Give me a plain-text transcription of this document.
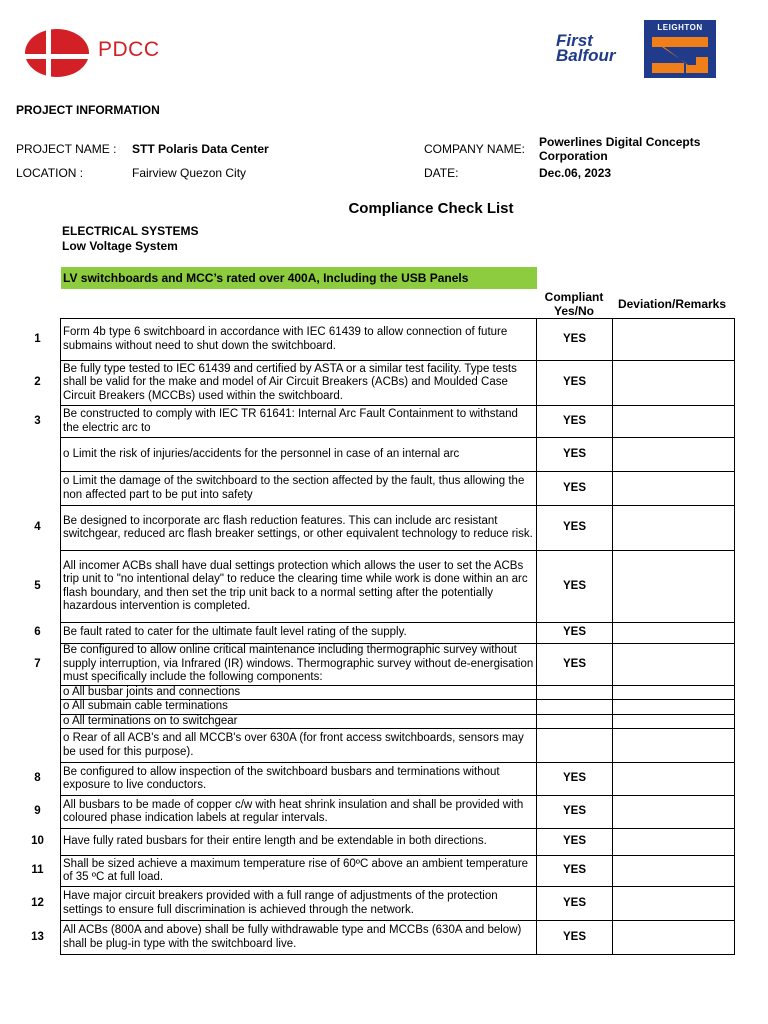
PDCC	First
Balfour
LEIGHTON
PROJECT INFORMATION
PROJECT NAME : STT Polaris Data Center
LOCATION :	Fairview Quezon City
COMPANY NAME: Powerlines Digital Concepts
Corporation
DATE:	Dec.06, 2023
Compliance Check List
ELECTRICAL SYSTEMS
Low Voltage System
LV switchboards and MCC’s rated over 400A, Including the USB Panels
Compliant
Yes/No	Deviation/Remarks
1	Form 4b type 6 switchboard in accordance with IEC 61439 to allow connection of future submains without need to shut down the switchboard.	YES	
2	Be fully type tested to IEC 61439 and certified by ASTA or a similar test facility. Type tests shall be valid for the make and model of Air Circuit Breakers (ACBs) and Moulded Case Circuit Breakers (MCCBs) used within the switchboard.	YES	
3	Be constructed to comply with IEC TR 61641: Internal Arc Fault Containment to withstand the electric arc to	YES	
	o Limit the risk of injuries/accidents for the personnel in case of an internal arc	YES	
	o Limit the damage of the switchboard to the section affected by the fault, thus allowing the non affected part to be put into safety	YES	
4	Be designed to incorporate arc flash reduction features. This can include arc resistant switchgear, reduced arc flash breaker settings, or other equivalent technology to reduce risk.	YES	
5	All incomer ACBs shall have dual settings protection which allows the user to set the ACBs trip unit to "no intentional delay" to reduce the clearing time while work is done within an arc flash boundary, and then set the trip unit back to a normal setting after the potentially hazardous intervention is completed.	YES	
6	Be fault rated to cater for the ultimate fault level rating of the supply.	YES	
7	Be configured to allow online critical maintenance including thermographic survey without supply interruption, via Infrared (IR) windows. Thermographic survey without de-energisation must specifically include the following components:	YES	
	o All busbar joints and connections		
	o All submain cable terminations		
	o All terminations on to switchgear		
	o Rear of all ACB's and all MCCB's over 630A (for front access switchboards, sensors may be used for this purpose).		
8	Be configured to allow inspection of the switchboard busbars and terminations without exposure to live conductors.	YES	
9	All busbars to be made of copper c/w with heat shrink insulation and shall be provided with coloured phase indication labels at regular intervals.	YES	
10	Have fully rated busbars for their entire length and be extendable in both directions.	YES	
11	Shall be sized achieve a maximum temperature rise of 60ºC above an ambient temperature of 35 ºC at full load.	YES	
12	Have major circuit breakers provided with a full range of adjustments of the protection settings to ensure full discrimination is achieved through the network.	YES	
13	All ACBs (800A and above) shall be fully withdrawable type and MCCBs (630A and below) shall be plug-in type with the switchboard live.	YES	
